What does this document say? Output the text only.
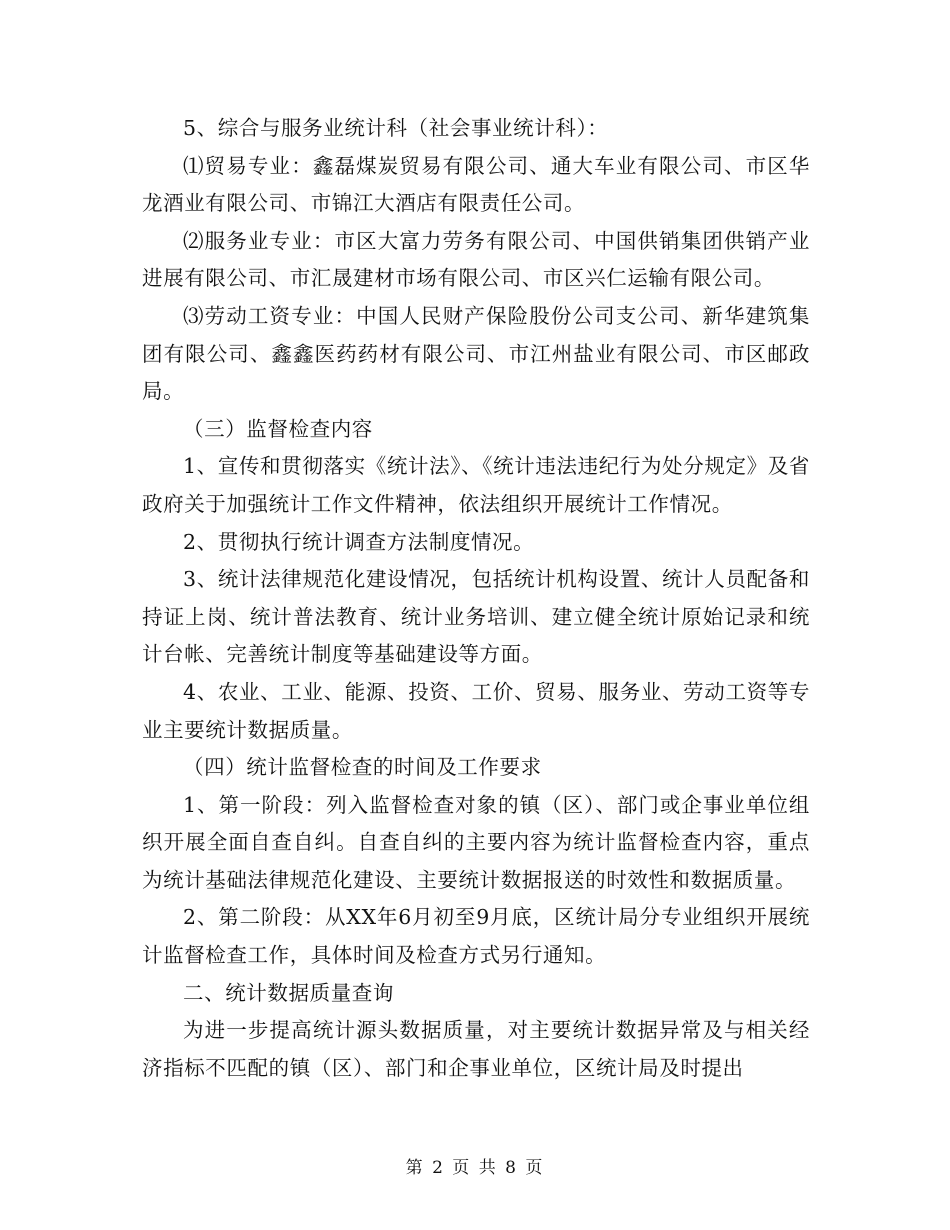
5、综合与服务业统计科（社会事业统计科）：

⑴贸易专业：鑫磊煤炭贸易有限公司、通大车业有限公司、市区华龙酒业有限公司、市锦江大酒店有限责任公司。

⑵服务业专业：市区大富力劳务有限公司、中国供销集团供销产业进展有限公司、市汇晟建材市场有限公司、市区兴仁运输有限公司。

⑶劳动工资专业：中国人民财产保险股份公司支公司、新华建筑集团有限公司、鑫鑫医药药材有限公司、市江州盐业有限公司、市区邮政局。

（三）监督检查内容

1、宣传和贯彻落实《统计法》、《统计违法违纪行为处分规定》及省政府关于加强统计工作文件精神，依法组织开展统计工作情况。

2、贯彻执行统计调查方法制度情况。

3、统计法律规范化建设情况，包括统计机构设置、统计人员配备和持证上岗、统计普法教育、统计业务培训、建立健全统计原始记录和统计台帐、完善统计制度等基础建设等方面。

4、农业、工业、能源、投资、工价、贸易、服务业、劳动工资等专业主要统计数据质量。

（四）统计监督检查的时间及工作要求

1、第一阶段：列入监督检查对象的镇（区）、部门或企事业单位组织开展全面自查自纠。自查自纠的主要内容为统计监督检查内容，重点为统计基础法律规范化建设、主要统计数据报送的时效性和数据质量。

2、第二阶段：从XX年6月初至9月底，区统计局分专业组织开展统计监督检查工作，具体时间及检查方式另行通知。

二、统计数据质量查询

为进一步提高统计源头数据质量，对主要统计数据异常及与相关经济指标不匹配的镇（区）、部门和企事业单位，区统计局及时提出

第 2 页 共 8 页
